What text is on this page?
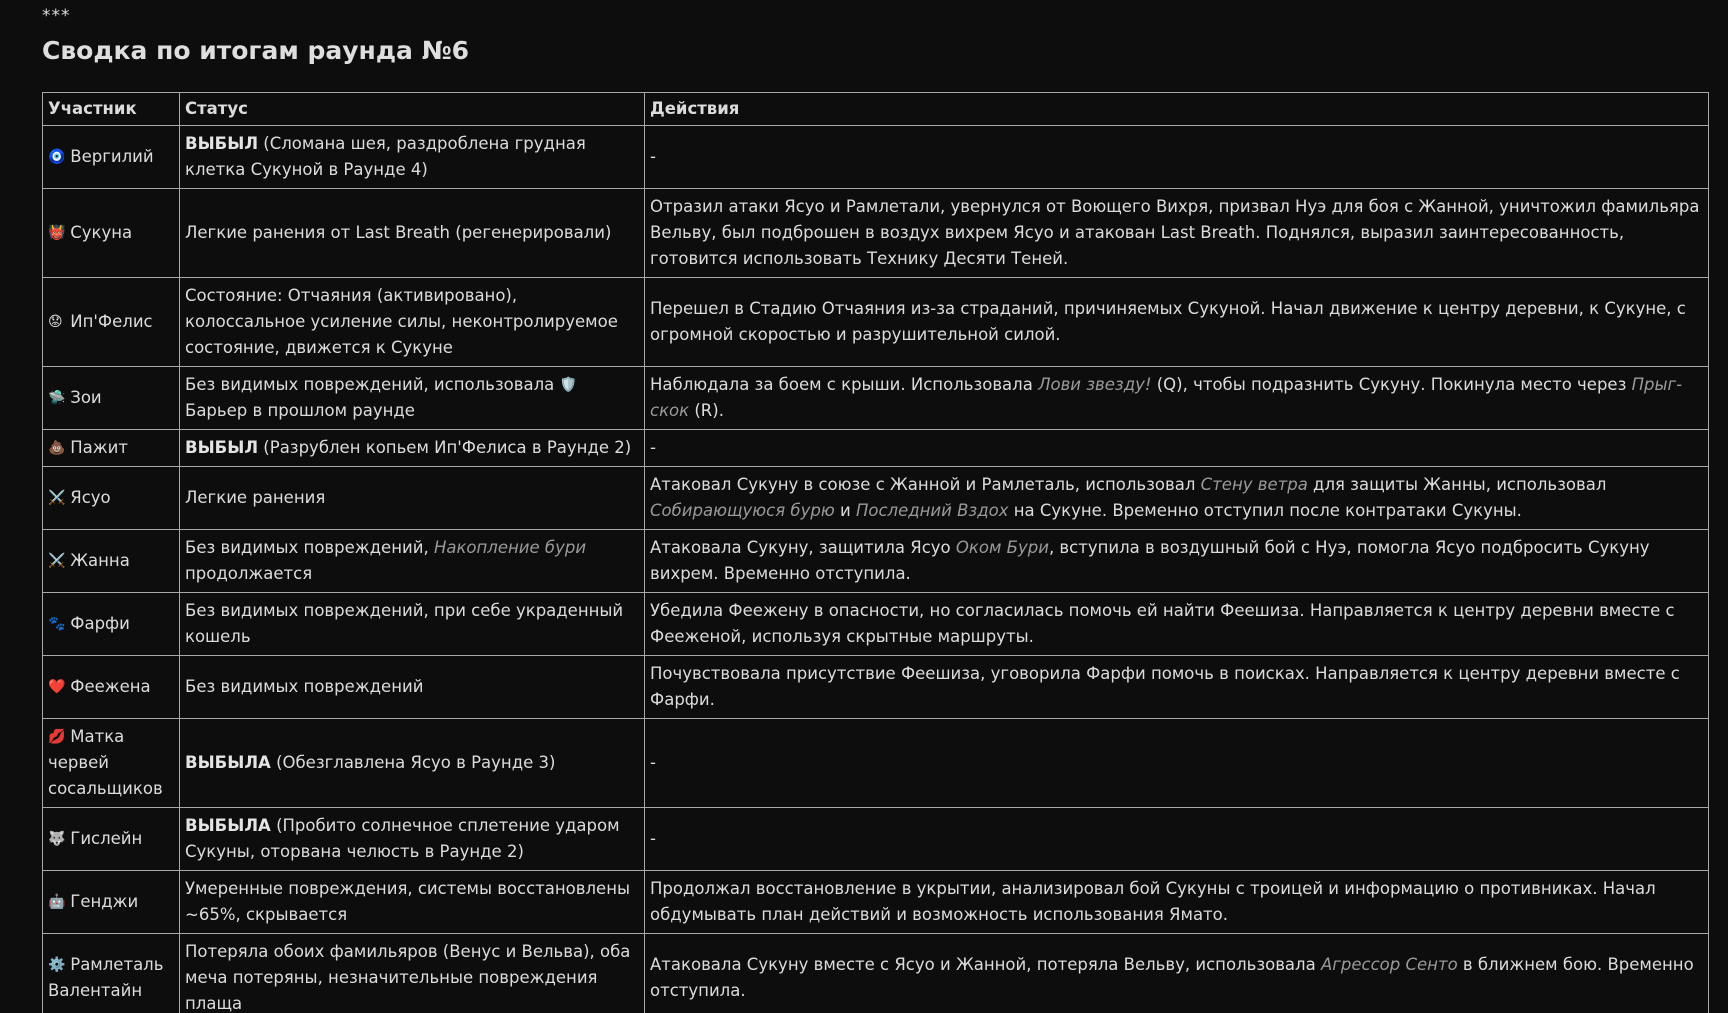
***
Сводка по итогам раунда №6
Участник	Статус	Действия
🧿 Вергилий	ВЫБЫЛ (Сломана шея, раздроблена грудная клетка Сукуной в Раунде 4)	-
👹 Сукуна	Легкие ранения от Last Breath (регенерировали)	Отразил атаки Ясуо и Рамлетали, увернулся от Воющего Вихря, призвал Нуэ для боя с Жанной, уничтожил фамильяра Вельву, был подброшен в воздух вихрем Ясуо и атакован Last Breath. Поднялся, выразил заинтересованность, готовится использовать Технику Десяти Теней.
😟 Ип'Фелис	Состояние: Отчаяния (активировано), колоссальное усиление силы, неконтролируемое состояние, движется к Сукуне	Перешел в Стадию Отчаяния из-за страданий, причиняемых Сукуной. Начал движение к центру деревни, к Сукуне, с огромной скоростью и разрушительной силой.
🛸 Зои	Без видимых повреждений, использовала 🛡️ Барьер в прошлом раунде	Наблюдала за боем с крыши. Использовала Лови звезду! (Q), чтобы подразнить Сукуну. Покинула место через Прыг-скок (R).
💩 Пажит	ВЫБЫЛ (Разрублен копьем Ип'Фелиса в Раунде 2)	-
⚔️ Ясуо	Легкие ранения	Атаковал Сукуну в союзе с Жанной и Рамлеталь, использовал Стену ветра для защиты Жанны, использовал Собирающуюся бурю и Последний Вздох на Сукуне. Временно отступил после контратаки Сукуны.
⚔️ Жанна	Без видимых повреждений, Накопление бури продолжается	Атаковала Сукуну, защитила Ясуо Оком Бури, вступила в воздушный бой с Нуэ, помогла Ясуо подбросить Сукуну вихрем. Временно отступила.
🐾 Фарфи	Без видимых повреждений, при себе украденный кошель	Убедила Феежену в опасности, но согласилась помочь ей найти Феешиза. Направляется к центру деревни вместе с Фееженой, используя скрытные маршруты.
❤️ Феежена	Без видимых повреждений	Почувствовала присутствие Феешиза, уговорила Фарфи помочь в поисках. Направляется к центру деревни вместе с Фарфи.
💋 Матка червей сосальщиков	ВЫБЫЛА (Обезглавлена Ясуо в Раунде 3)	-
🐺 Гислейн	ВЫБЫЛА (Пробито солнечное сплетение ударом Сукуны, оторвана челюсть в Раунде 2)	-
🤖 Генджи	Умеренные повреждения, системы восстановлены ~65%, скрывается	Продолжал восстановление в укрытии, анализировал бой Сукуны с троицей и информацию о противниках. Начал обдумывать план действий и возможность использования Ямато.
⚙️ Рамлеталь Валентайн	Потеряла обоих фамильяров (Венус и Вельва), оба меча потеряны, незначительные повреждения плаща	Атаковала Сукуну вместе с Ясуо и Жанной, потеряла Вельву, использовала Агрессор Сенто в ближнем бою. Временно отступила.
